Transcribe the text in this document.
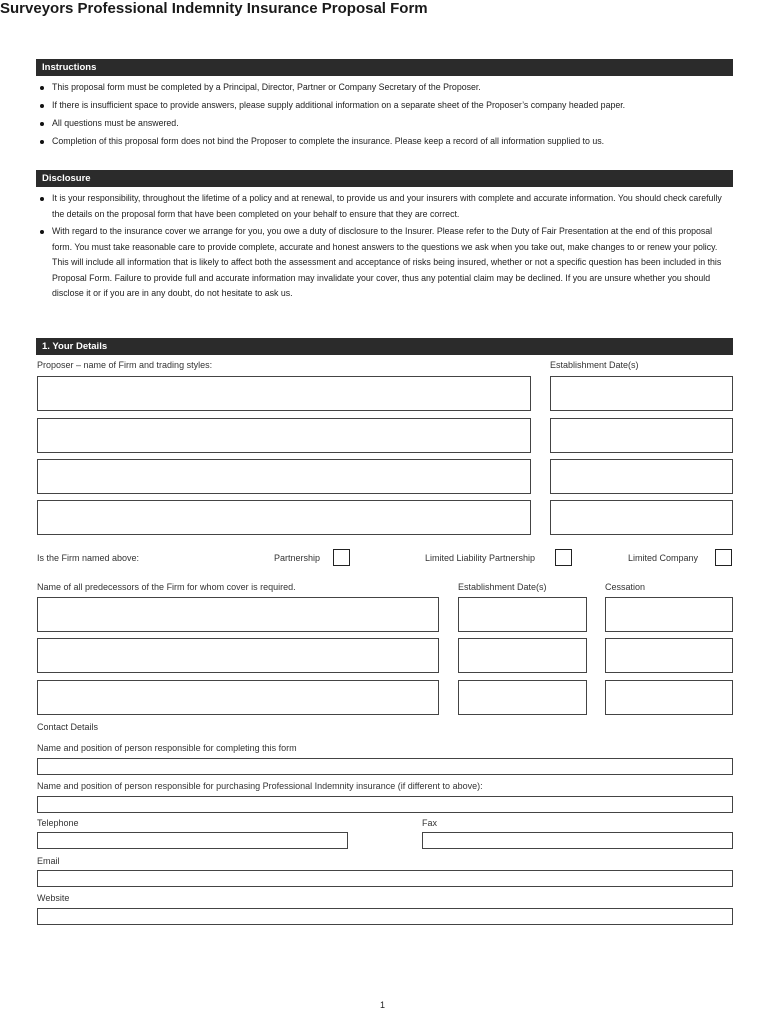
Surveyors Professional Indemnity Insurance Proposal Form
Instructions
This proposal form must be completed by a Principal, Director, Partner or Company Secretary of the Proposer.
If there is insufficient space to provide answers, please supply additional information on a separate sheet of the Proposer’s company headed paper.
All questions must be answered.
Completion of this proposal form does not bind the Proposer to complete the insurance. Please keep a record of all information supplied to us.
Disclosure
It is your responsibility, throughout the lifetime of a policy and at renewal, to provide us and your insurers with complete and accurate information. You should check carefully the details on the proposal form that have been completed on your behalf to ensure that they are correct.
With regard to the insurance cover we arrange for you, you owe a duty of disclosure to the Insurer. Please refer to the Duty of Fair Presentation at the end of this proposal form. You must take reasonable care to provide complete, accurate and honest answers to the questions we ask when you take out, make changes to or renew your policy. This will include all information that is likely to affect both the assessment and acceptance of risks being insured, whether or not a specific question has been included in this Proposal Form. Failure to provide full and accurate information may invalidate your cover, thus any potential claim may be declined. If you are unsure whether you should disclose it or if you are in any doubt, do not hesitate to ask us.
1. Your Details
Proposer – name of Firm and trading styles:	Establishment Date(s)
Is the Firm named above:	Partnership	Limited Liability Partnership	Limited Company
Name of all predecessors of the Firm for whom cover is required.	Establishment Date(s)	Cessation
Contact Details
Name and position of person responsible for completing this form
Name and position of person responsible for purchasing Professional Indemnity insurance (if different to above):
Telephone	Fax
Email
Website
1
